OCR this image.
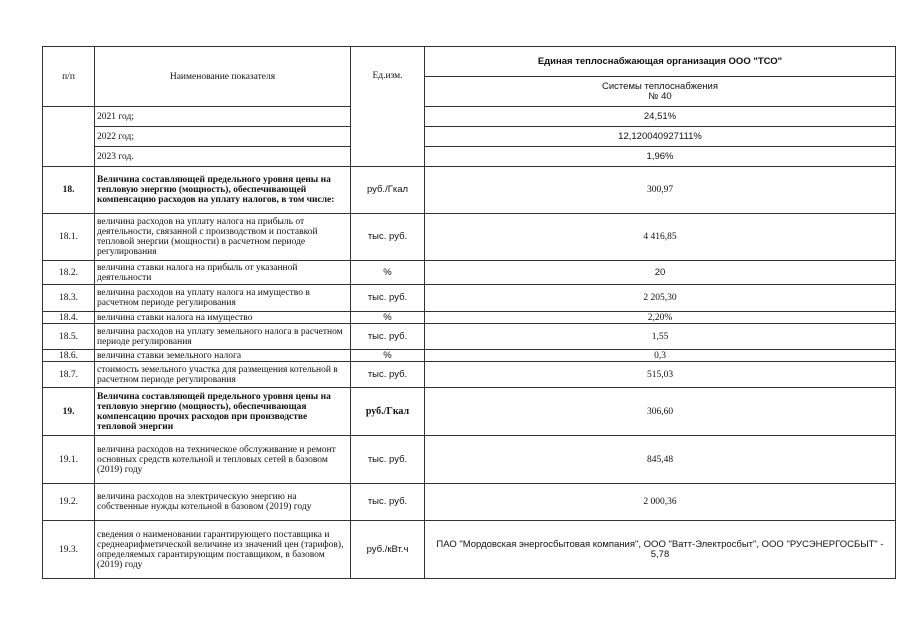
п/п	Наименование показателя	Ед.изм.	Единая теплоснабжающая организация ООО "ТСО"

			Системы теплоснабжения
№ 40

	2021 год;		24,51%
	2022 год;		12,120040927111%
	2023 год.		1,96%
18.	Величина составляющей предельного уровня цены на тепловую энергию (мощность), обеспечивающей компенсацию расходов на уплату налогов, в том числе:	руб./Гкал	300,97
18.1.	величина расходов на уплату налога на прибыль от деятельности, связанной с производством и поставкой тепловой энергии (мощности) в расчетном периоде регулирования	тыс. руб.	4 416,85
18.2.	величина ставки налога на прибыль от указанной деятельности	%	20
18.3.	величина расходов на уплату налога на имущество в расчетном периоде регулирования	тыс. руб.	2 205,30
18.4.	величина ставки налога на имущество	%	2,20%
18.5.	величина расходов на уплату земельного налога в расчетном периоде регулирования	тыс. руб.	1,55
18.6.	величина ставки земельного налога	%	0,3
18.7.	стоимость земельного участка для размещения котельной в расчетном периоде регулирования	тыс. руб.	515,03
19.	Величина составляющей предельного уровня цены на тепловую энергию (мощность), обеспечивающая компенсацию прочих расходов при производстве тепловой энергии	руб./Гкал	306,60
19.1.	величина расходов на техническое обслуживание и ремонт основных средств котельной и тепловых сетей в базовом (2019) году	тыс. руб.	845,48
19.2.	величина расходов на электрическую энергию на собственные нужды котельной в базовом (2019) году	тыс. руб.	2 000,36
19.3.	сведения о наименовании гарантирующего поставщика и среднеарифметической величине из значений цен (тарифов), определяемых гарантирующим поставщиком, в базовом (2019) году	руб./кВт.ч	ПАО "Мордовская энергосбытовая компания", ООО "Ватт-Электросбыт", ООО "РУСЭНЕРГОСБЫТ" - 5,78
